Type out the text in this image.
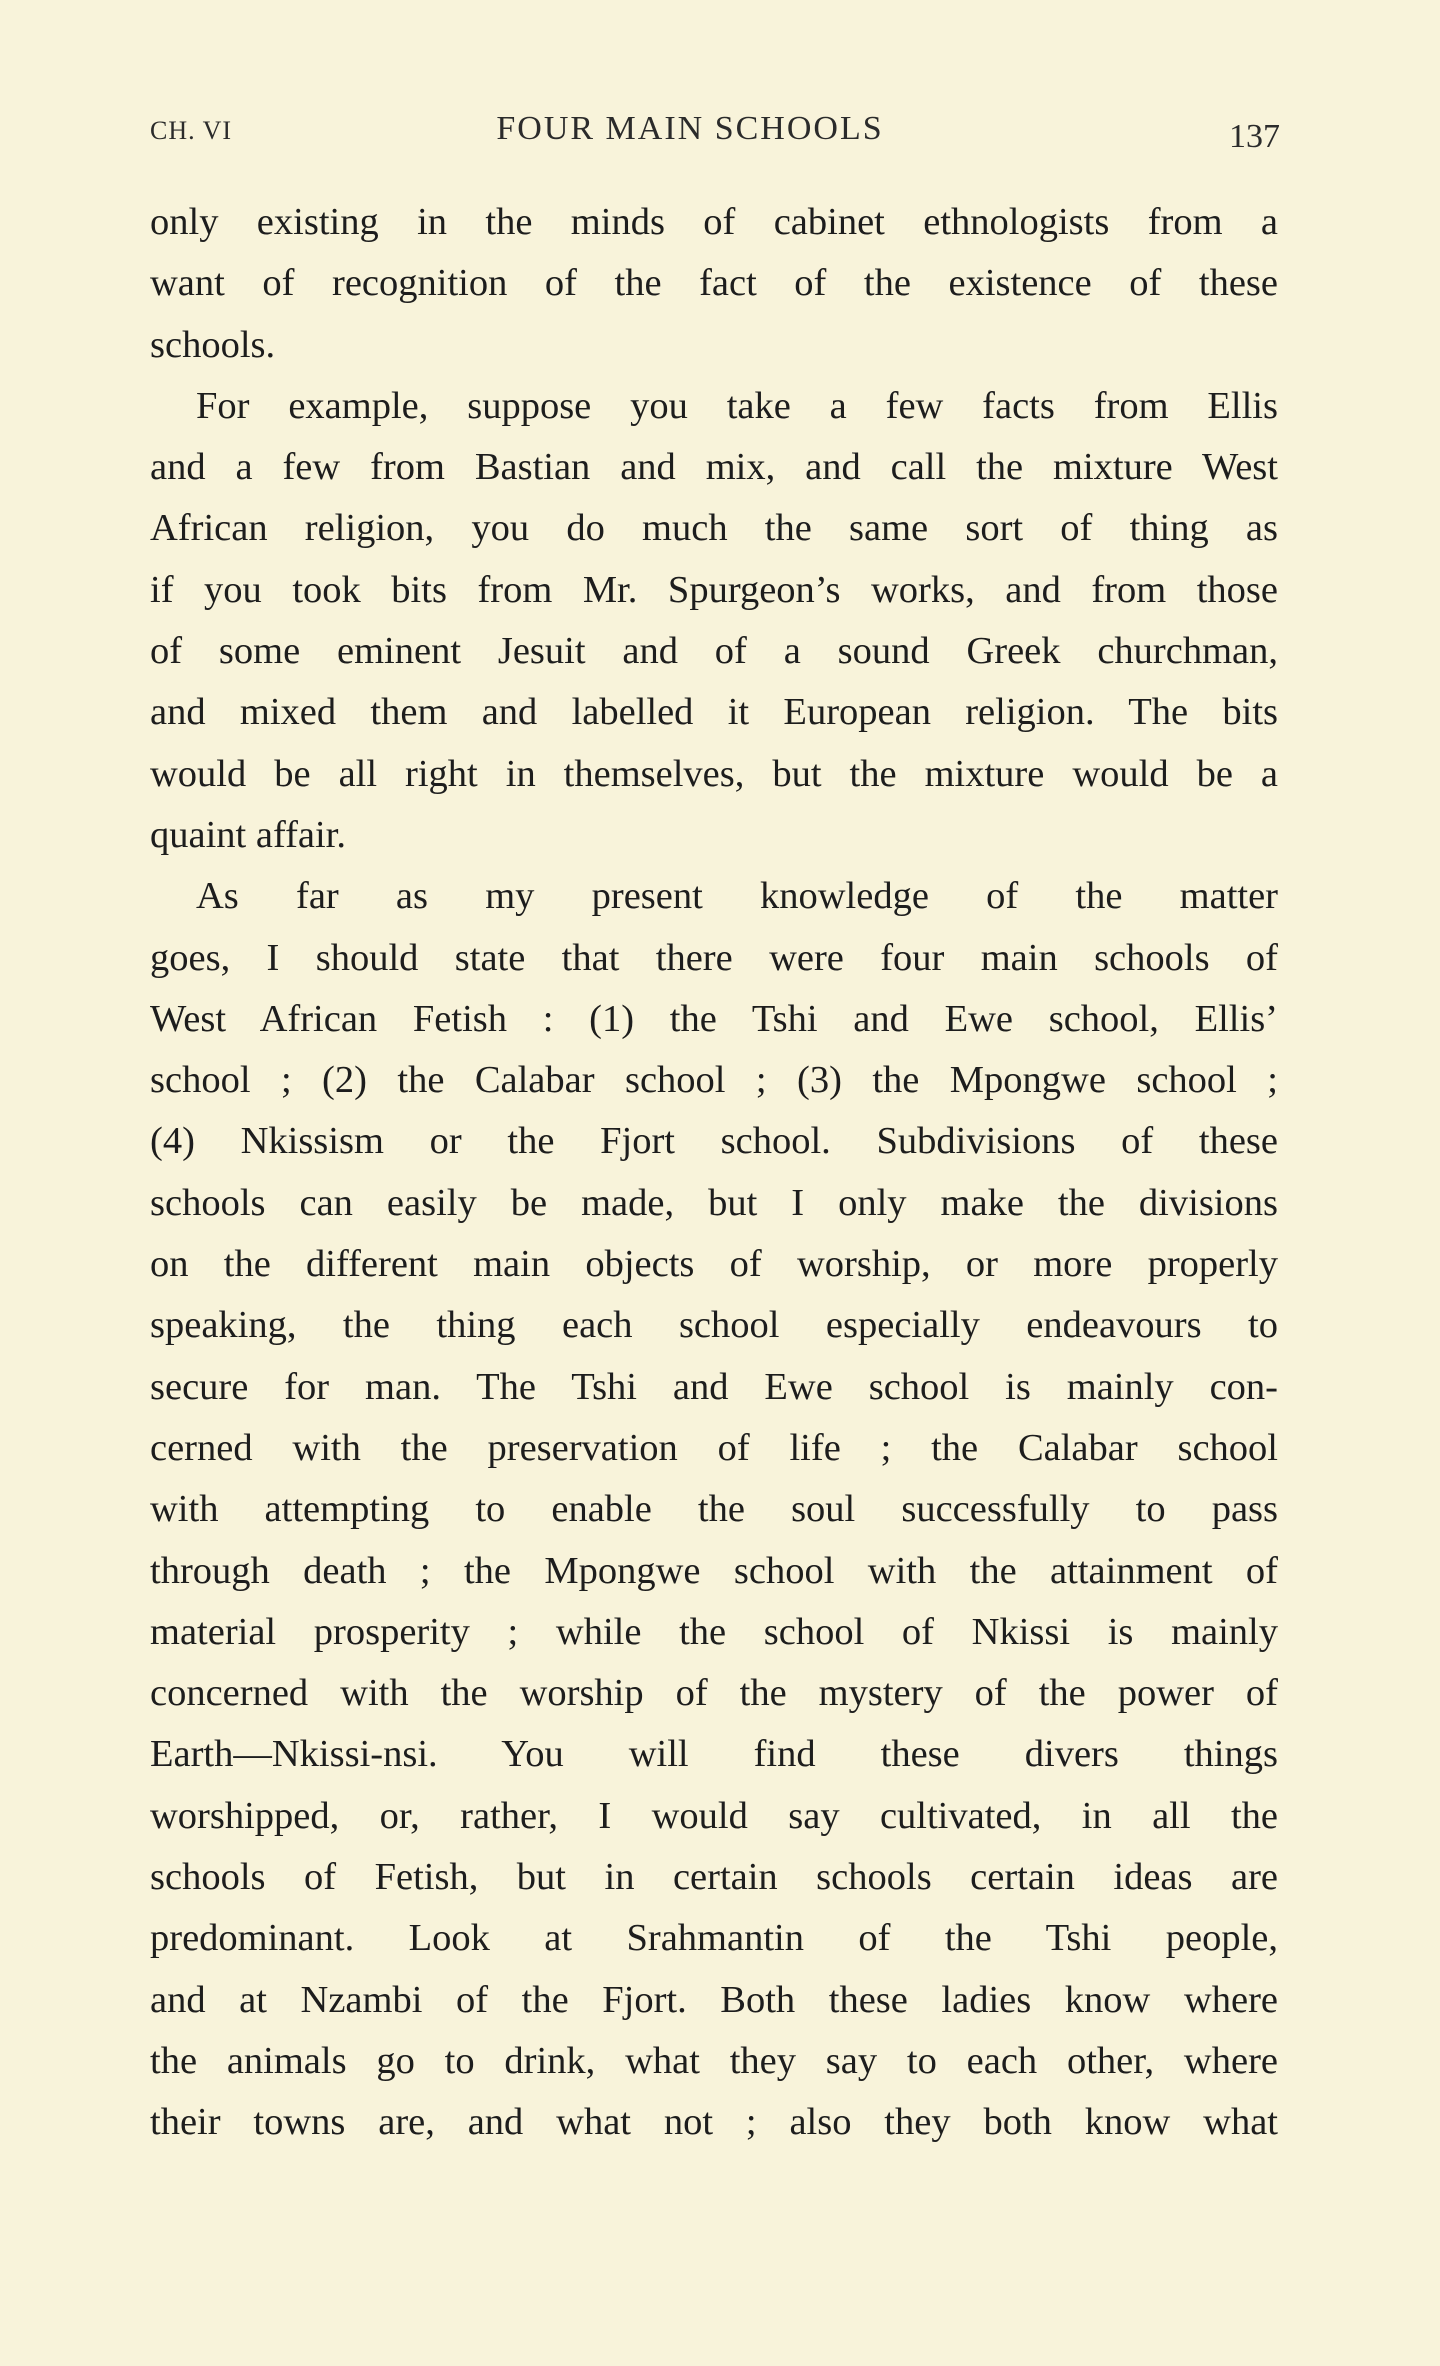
CH. VI	FOUR MAIN SCHOOLS	137
only existing in the minds of cabinet ethnologists from a
want of recognition of the fact of the existence of these
schools.
For example, suppose you take a few facts from Ellis
and a few from Bastian and mix, and call the mixture West
African religion, you do much the same sort of thing as
if you took bits from Mr. Spurgeon’s works, and from those
of some eminent Jesuit and of a sound Greek churchman,
and mixed them and labelled it European religion. The bits
would be all right in themselves, but the mixture would be a
quaint affair.
As far as my present knowledge of the matter
goes, I should state that there were four main schools of
West African Fetish : (1) the Tshi and Ewe school, Ellis’
school ; (2) the Calabar school ; (3) the Mpongwe school ;
(4) Nkissism or the Fjort school. Subdivisions of these
schools can easily be made, but I only make the divisions
on the different main objects of worship, or more properly
speaking, the thing each school especially endeavours to
secure for man. The Tshi and Ewe school is mainly con-
cerned with the preservation of life ; the Calabar school
with attempting to enable the soul successfully to pass
through death ; the Mpongwe school with the attainment of
material prosperity ; while the school of Nkissi is mainly
concerned with the worship of the mystery of the power of
Earth—Nkissi-nsi. You will find these divers things
worshipped, or, rather, I would say cultivated, in all the
schools of Fetish, but in certain schools certain ideas are
predominant. Look at Srahmantin of the Tshi people,
and at Nzambi of the Fjort. Both these ladies know where
the animals go to drink, what they say to each other, where
their towns are, and what not ; also they both know what
